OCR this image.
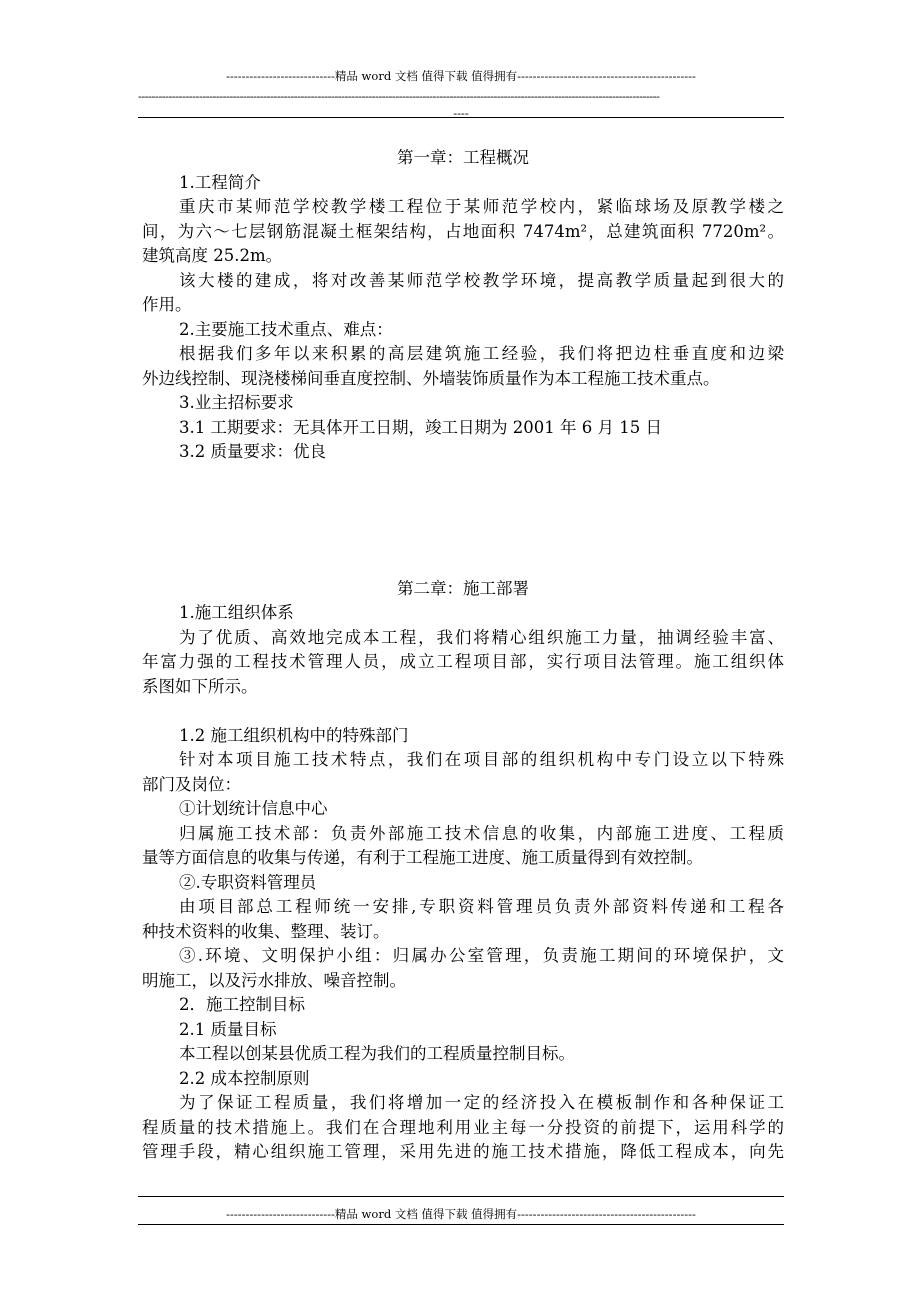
----------------------------精品 word 文档 值得下载 值得拥有----------------------------------------------
----------------------------------------------------------------------------------------------------------------------------------------------------------
----
第一章：工程概况
1.工程简介
重庆市某师范学校教学楼工程位于某师范学校内，紧临球场及原教学楼之
间，为六～七层钢筋混凝土框架结构，占地面积 7474m²，总建筑面积 7720m²。
建筑高度 25.2m。
该大楼的建成，将对改善某师范学校教学环境，提高教学质量起到很大的
作用。
2.主要施工技术重点、难点：
根据我们多年以来积累的高层建筑施工经验，我们将把边柱垂直度和边梁
外边线控制、现浇楼梯间垂直度控制、外墙装饰质量作为本工程施工技术重点。
3.业主招标要求
3.1 工期要求：无具体开工日期，竣工日期为 2001 年 6 月 15 日
3.2 质量要求：优良
第二章：施工部署
1.施工组织体系
为了优质、高效地完成本工程，我们将精心组织施工力量，抽调经验丰富、
年富力强的工程技术管理人员，成立工程项目部，实行项目法管理。施工组织体
系图如下所示。
1.2 施工组织机构中的特殊部门
针对本项目施工技术特点，我们在项目部的组织机构中专门设立以下特殊
部门及岗位：
①计划统计信息中心
归属施工技术部：负责外部施工技术信息的收集，内部施工进度、工程质
量等方面信息的收集与传递，有利于工程施工进度、施工质量得到有效控制。
②.专职资料管理员
由项目部总工程师统一安排,专职资料管理员负责外部资料传递和工程各
种技术资料的收集、整理、装订。
③.环境、文明保护小组：归属办公室管理，负责施工期间的环境保护，文
明施工，以及污水排放、噪音控制。
2．施工控制目标
2.1 质量目标
本工程以创某县优质工程为我们的工程质量控制目标。
2.2 成本控制原则
为了保证工程质量，我们将增加一定的经济投入在模板制作和各种保证工
程质量的技术措施上。我们在合理地利用业主每一分投资的前提下，运用科学的
管理手段，精心组织施工管理，采用先进的施工技术措施，降低工程成本，向先
----------------------------精品 word 文档 值得下载 值得拥有----------------------------------------------
